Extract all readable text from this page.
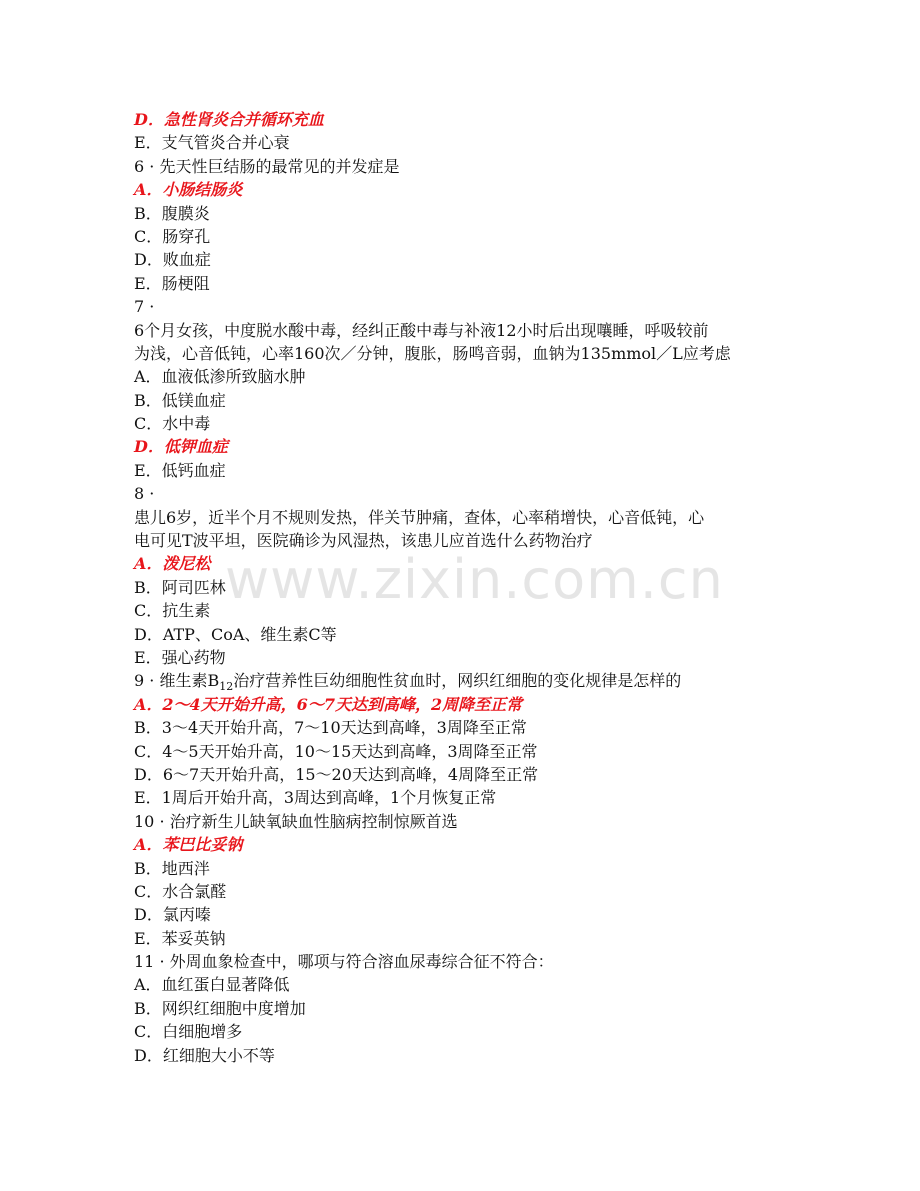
D．急性肾炎合并循环充血

E．支气管炎合并心衰

6 · 先天性巨结肠的最常见的并发症是

A．小肠结肠炎

B．腹膜炎

C．肠穿孔

D．败血症

E．肠梗阻

7 ·

6个月女孩，中度脱水酸中毒，经纠正酸中毒与补液12小时后出现嚷睡，呼吸较前

为浅，心音低钝，心率160次／分钟，腹胀，肠鸣音弱，血钠为135mmol／L应考虑

A．血液低渗所致脑水肿

B．低镁血症

C．水中毒

D．低钾血症

E．低钙血症

8 ·

患儿6岁，近半个月不规则发热，伴关节肿痛，查体，心率稍增快，心音低钝，心

电可见T波平坦，医院确诊为风湿热，该患儿应首选什么药物治疗

A．泼尼松

B．阿司匹林

C．抗生素

D．ATP、CoA、维生素C等

E．强心药物

9 · 维生素$B_{12}$治疗营养性巨幼细胞性贫血时，网织红细胞的变化规律是怎样的

A．2～4天开始升高，6～7天达到高峰，2周降至正常

B．3～4天开始升高，7～10天达到高峰，3周降至正常

C．4～5天开始升高，10～15天达到高峰，3周降至正常

D．6～7天开始升高，15～20天达到高峰，4周降至正常

E．1周后开始升高，3周达到高峰，1个月恢复正常

10 · 治疗新生儿缺氧缺血性脑病控制惊厥首选

A．苯巴比妥钠

B．地西泮

C．水合氯醛

D．氯丙嗪

E．苯妥英钠

11 · 外周血象检查中，哪项与符合溶血尿毒综合征不符合：

A．血红蛋白显著降低

B．网织红细胞中度增加

C．白细胞增多

D．红细胞大小不等

www.zixin.com.cn
